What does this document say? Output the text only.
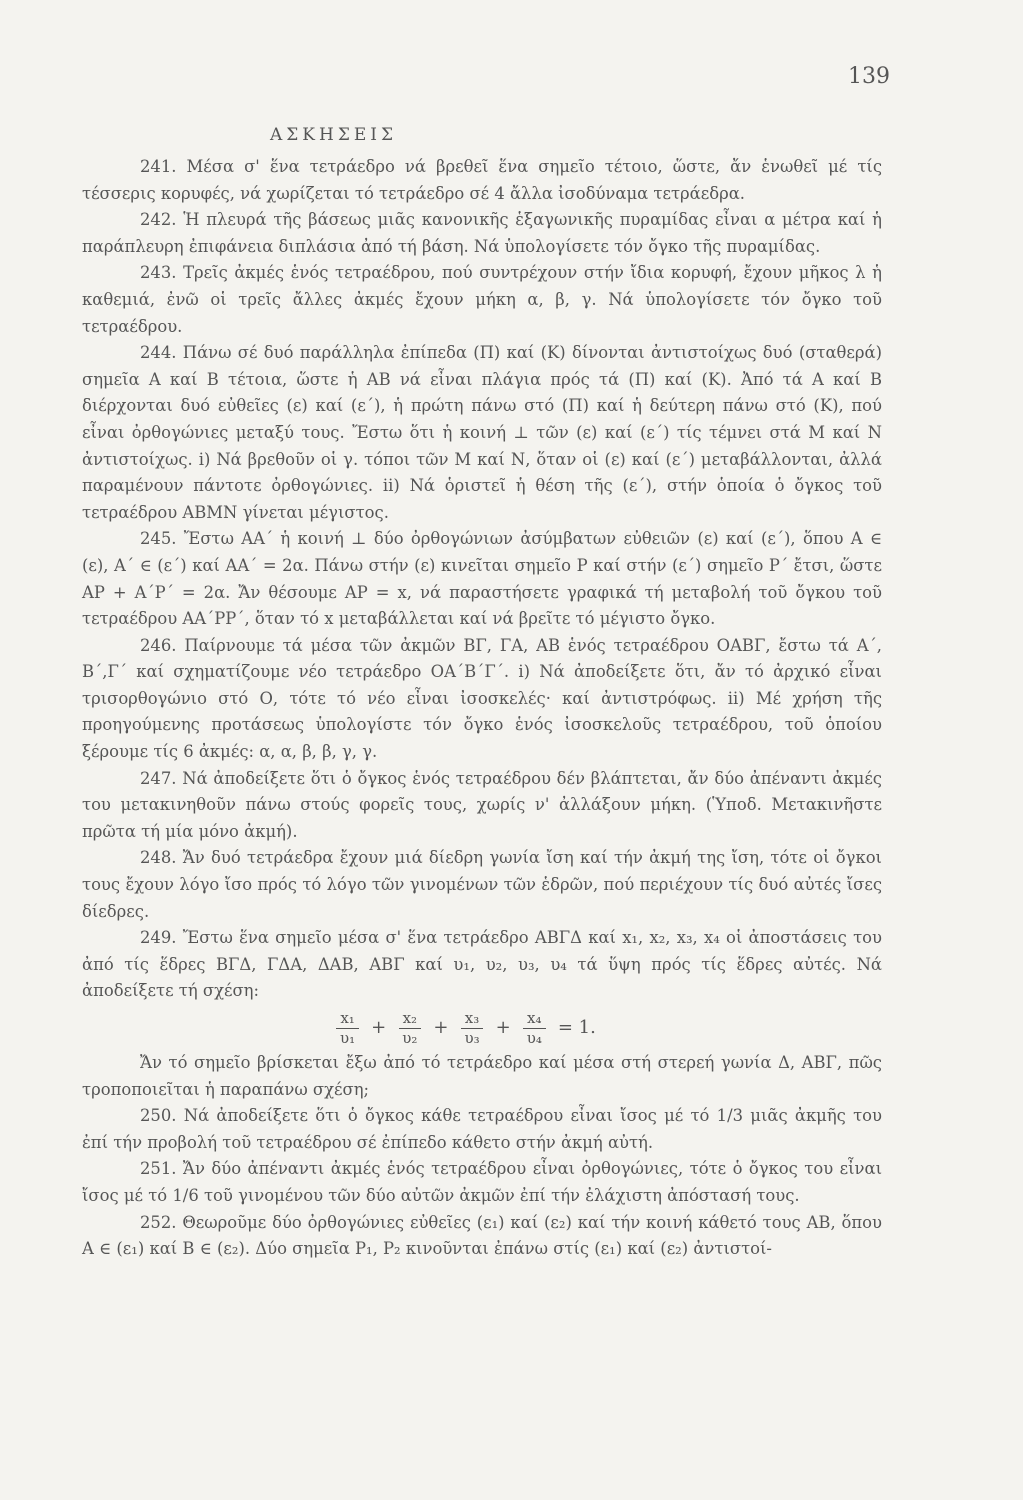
139
ΑΣΚΗΣΕΙΣ

241. Μέσα σ' ἕνα τετράεδρο νά βρεθεῖ ἕνα σημεῖο τέτοιο, ὥστε, ἄν ἑνωθεῖ μέ τίς τέσσερις κορυφές, νά χωρίζεται τό τετράεδρο σέ 4 ἄλλα ἰσοδύναμα τετράεδρα.

242. Ἡ πλευρά τῆς βάσεως μιᾶς κανονικῆς ἑξαγωνικῆς πυραμίδας εἶναι α μέτρα καί ἡ παράπλευρη ἐπιφάνεια διπλάσια ἀπό τή βάση. Νά ὑπολογίσετε τόν ὄγκο τῆς πυραμίδας.

243. Τρεῖς ἀκμές ἑνός τετραέδρου, πού συντρέχουν στήν ἴδια κορυφή, ἔχουν μῆκος λ ἡ καθεμιά, ἐνῶ οἱ τρεῖς ἄλλες ἀκμές ἔχουν μήκη α, β, γ. Νά ὑπολογίσετε τόν ὄγκο τοῦ τετραέδρου.

244. Πάνω σέ δυό παράλληλα ἐπίπεδα (Π) καί (Κ) δίνονται ἀντιστοίχως δυό (σταθερά) σημεῖα Α καί Β τέτοια, ὥστε ἡ ΑΒ νά εἶναι πλάγια πρός τά (Π) καί (Κ). Ἀπό τά Α καί Β διέρχονται δυό εὐθεῖες (ε) καί (ε΄), ἡ πρώτη πάνω στό (Π) καί ἡ δεύτερη πάνω στό (Κ), πού εἶναι ὀρθογώνιες μεταξύ τους. Ἔστω ὅτι ἡ κοινή ⊥ τῶν (ε) καί (ε΄) τίς τέμνει στά Μ καί Ν ἀντιστοίχως. i) Νά βρεθοῦν οἱ γ. τόποι τῶν Μ καί Ν, ὅταν οἱ (ε) καί (ε΄) μεταβάλλονται, ἀλλά παραμένουν πάντοτε ὀρθογώνιες. ii) Νά ὁριστεῖ ἡ θέση τῆς (ε΄), στήν ὁποία ὁ ὄγκος τοῦ τετραέδρου ΑΒΜΝ γίνεται μέγιστος.

245. Ἔστω ΑΑ΄ ἡ κοινή ⊥ δύο ὀρθογώνιων ἀσύμβατων εὐθειῶν (ε) καί (ε΄), ὅπου Α ∈ (ε), Α΄ ∈ (ε΄) καί ΑΑ΄ = 2α. Πάνω στήν (ε) κινεῖται σημεῖο Ρ καί στήν (ε΄) σημεῖο Ρ΄ ἔτσι, ὥστε ΑΡ + Α΄Ρ΄ = 2α. Ἄν θέσουμε ΑΡ = x, νά παραστήσετε γραφικά τή μεταβολή τοῦ ὄγκου τοῦ τετραέδρου ΑΑ΄ΡΡ΄, ὅταν τό x μεταβάλλεται καί νά βρεῖτε τό μέγιστο ὄγκο.

246. Παίρνουμε τά μέσα τῶν ἀκμῶν ΒΓ, ΓΑ, ΑΒ ἑνός τετραέδρου ΟΑΒΓ, ἔστω τά Α΄, Β΄,Γ΄ καί σχηματίζουμε νέο τετράεδρο ΟΑ΄Β΄Γ΄. i) Νά ἀποδείξετε ὅτι, ἄν τό ἀρχικό εἶναι τρισορθογώνιο στό Ο, τότε τό νέο εἶναι ἰσοσκελές· καί ἀντιστρόφως. ii) Μέ χρήση τῆς προηγούμενης προτάσεως ὑπολογίστε τόν ὄγκο ἑνός ἰσοσκελοῦς τετραέδρου, τοῦ ὁποίου ξέρουμε τίς 6 ἀκμές: α, α, β, β, γ, γ.

247. Νά ἀποδείξετε ὅτι ὁ ὄγκος ἑνός τετραέδρου δέν βλάπτεται, ἄν δύο ἀπέναντι ἀκμές του μετακινηθοῦν πάνω στούς φορεῖς τους, χωρίς ν' ἀλλάξουν μήκη. (Ὑποδ. Μετακινῆστε πρῶτα τή μία μόνο ἀκμή).

248. Ἄν δυό τετράεδρα ἔχουν μιά δίεδρη γωνία ἴση καί τήν ἀκμή της ἴση, τότε οἱ ὄγκοι τους ἔχουν λόγο ἴσο πρός τό λόγο τῶν γινομένων τῶν ἑδρῶν, πού περιέχουν τίς δυό αὐτές ἴσες δίεδρες.

249. Ἔστω ἕνα σημεῖο μέσα σ' ἕνα τετράεδρο ΑΒΓΔ καί x₁, x₂, x₃, x₄ οἱ ἀποστάσεις του ἀπό τίς ἕδρες ΒΓΔ, ΓΔΑ, ΔΑΒ, ΑΒΓ καί υ₁, υ₂, υ₃, υ₄ τά ὕψη πρός τίς ἕδρες αὐτές. Νά ἀποδείξετε τή σχέση:

$\frac{\text{x₁}}{\text{υ₁}} + \frac{\text{x₂}}{\text{υ₂}} + \frac{\text{x₃}}{\text{υ₃}} + \frac{\text{x₄}}{\text{υ₄}} = 1$.

Ἄν τό σημεῖο βρίσκεται ἔξω ἀπό τό τετράεδρο καί μέσα στή στερεή γωνία Δ, ΑΒΓ, πῶς τροποποιεῖται ἡ παραπάνω σχέση;

250. Νά ἀποδείξετε ὅτι ὁ ὄγκος κάθε τετραέδρου εἶναι ἴσος μέ τό 1/3 μιᾶς ἀκμῆς του ἐπί τήν προβολή τοῦ τετραέδρου σέ ἐπίπεδο κάθετο στήν ἀκμή αὐτή.

251. Ἄν δύο ἀπέναντι ἀκμές ἑνός τετραέδρου εἶναι ὀρθογώνιες, τότε ὁ ὄγκος του εἶναι ἴσος μέ τό 1/6 τοῦ γινομένου τῶν δύο αὐτῶν ἀκμῶν ἐπί τήν ἐλάχιστη ἀπόστασή τους.

252. Θεωροῦμε δύο ὀρθογώνιες εὐθεῖες (ε₁) καί (ε₂) καί τήν κοινή κάθετό τους ΑΒ, ὅπου Α ∈ (ε₁) καί Β ∈ (ε₂). Δύο σημεῖα Ρ₁, Ρ₂ κινοῦνται ἐπάνω στίς (ε₁) καί (ε₂) ἀντιστοί-
